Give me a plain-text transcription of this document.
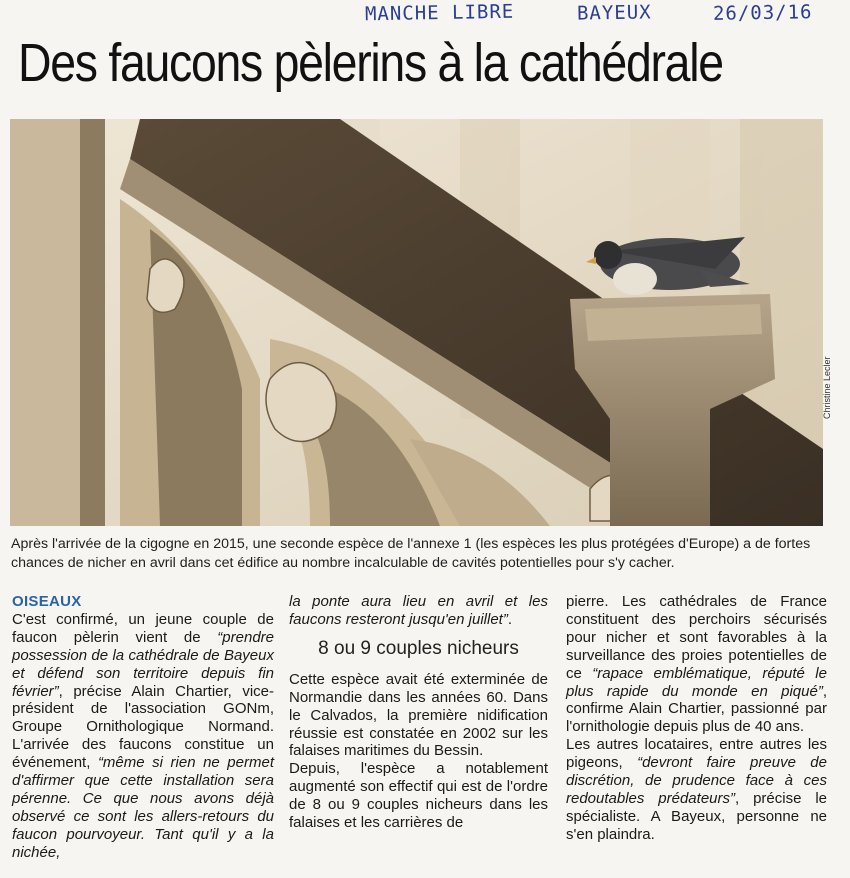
MANCHE LIBRE	BAYEUX	26/03/16
Des faucons pèlerins à la cathédrale
Christine Lecler
Après l'arrivée de la cigogne en 2015, une seconde espèce de l'annexe 1 (les espèces les plus protégées d'Europe) a de fortes chances de nicher en avril dans cet édifice au nombre incalculable de cavités potentielles pour s'y cacher.

OISEAUX
C'est confirmé, un jeune couple de faucon pèlerin vient de “prendre possession de la cathédrale de Bayeux et défend son territoire depuis fin février”, précise Alain Chartier, vice-président de l'association GONm, Groupe Ornithologique Normand. L'arrivée des faucons constitue un événement, “même si rien ne permet d'affirmer que cette installation sera pérenne. Ce que nous avons déjà observé ce sont les allers-retours du faucon pourvoyeur. Tant qu'il y a la nichée,

la ponte aura lieu en avril et les faucons resteront jusqu'en juillet”.

8 ou 9 couples nicheurs

Cette espèce avait été exterminée de Normandie dans les années 60. Dans le Calvados, la première nidification réussie est constatée en 2002 sur les falaises maritimes du Bessin.

Depuis, l'espèce a notablement augmenté son effectif qui est de l'ordre de 8 ou 9 couples nicheurs dans les falaises et les carrières de

pierre. Les cathédrales de France constituent des perchoirs sécurisés pour nicher et sont favorables à la surveillance des proies potentielles de ce “rapace emblématique, réputé le plus rapide du monde en piqué”, confirme Alain Chartier, passionné par l'ornithologie depuis plus de 40 ans.

Les autres locataires, entre autres les pigeons, “devront faire preuve de discrétion, de prudence face à ces redoutables prédateurs”, précise le spécialiste. A Bayeux, personne ne s'en plaindra.
